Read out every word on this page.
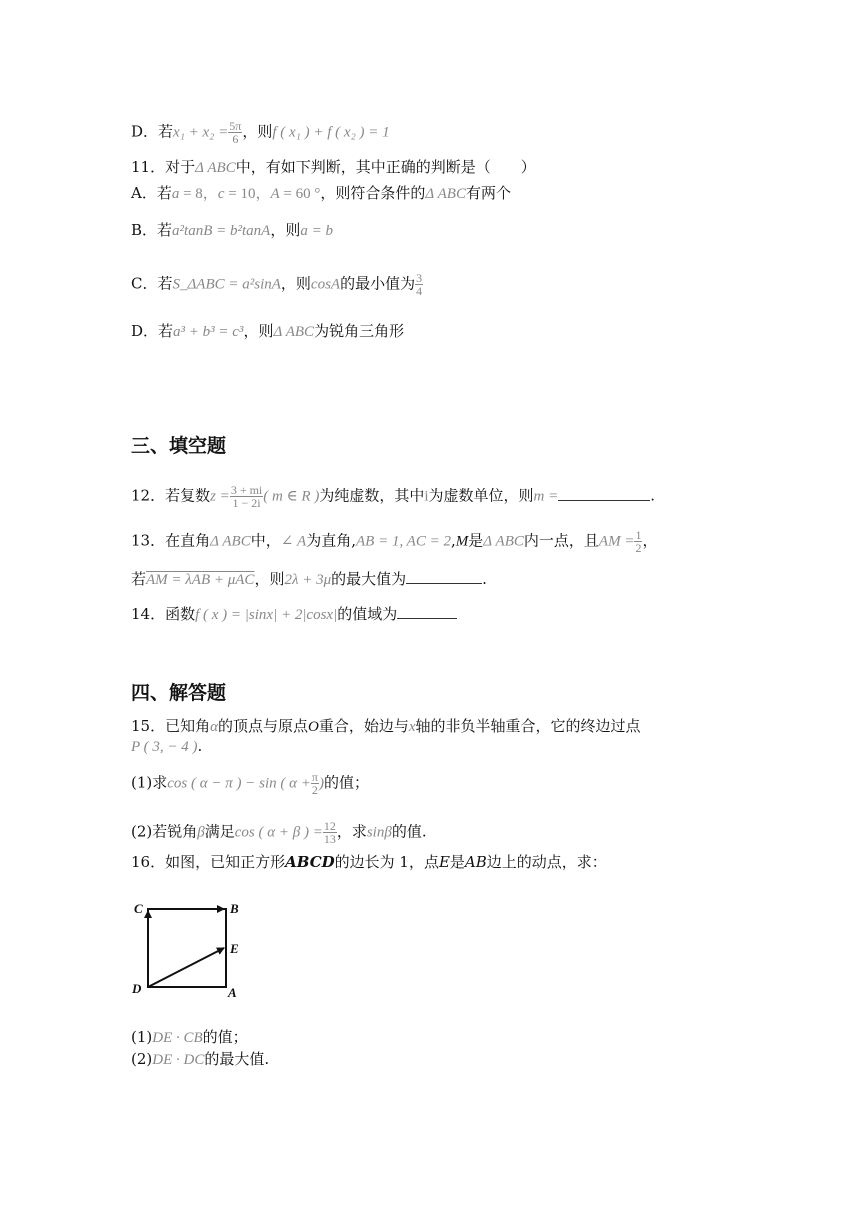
D．若$x_1 + x_2 = \frac{5\pi}{6}$ ，则f ( x₁ ) + f ( x₂ ) = 1
11．对于Δ ABC中，有如下判断，其中正确的判断是（　　）
A．若a = 8，c = 10，A = 60 °，则符合条件的Δ ABC有两个
B．若a²tanB = b²tanA，则a = b
C．若S_ΔABC = a²sinA，则cosA的最小值为 $\frac{3}{4}$
D．若a³ + b³ = c³，则Δ ABC为锐角三角形
三、填空题
12．若复数$z = \frac{3 + mi}{1 - 2i}$ ( m ∈ R )为纯虚数，其中i为虚数单位，则m =	.
13．在直角Δ ABC中，∠ A为直角,AB = 1, AC = 2,M是Δ ABC内一点，且AM = $\frac{1}{2}$ ，
若AM = λAB + μAC，则2λ + 3μ的最大值为	.
14．函数f ( x ) = |sinx| + 2|cosx|的值域为
四、解答题
15．已知角α的顶点与原点O重合，始边与x轴的非负半轴重合，它的终边过点
P ( 3, − 4 ).
(1)求cos ( α − π ) − sin ( $\alpha + \frac{\pi}{2}$ )的值；
(2)若锐角β满足cos ( α + β ) = $\frac{12}{13}$ ，求sinβ的值.
16．如图，已知正方形ABCD的边长为 1，点E是AB边上的动点，求：
C	B
E
D	A
(1)DE · CB的值；
(2)DE · DC的最大值.
